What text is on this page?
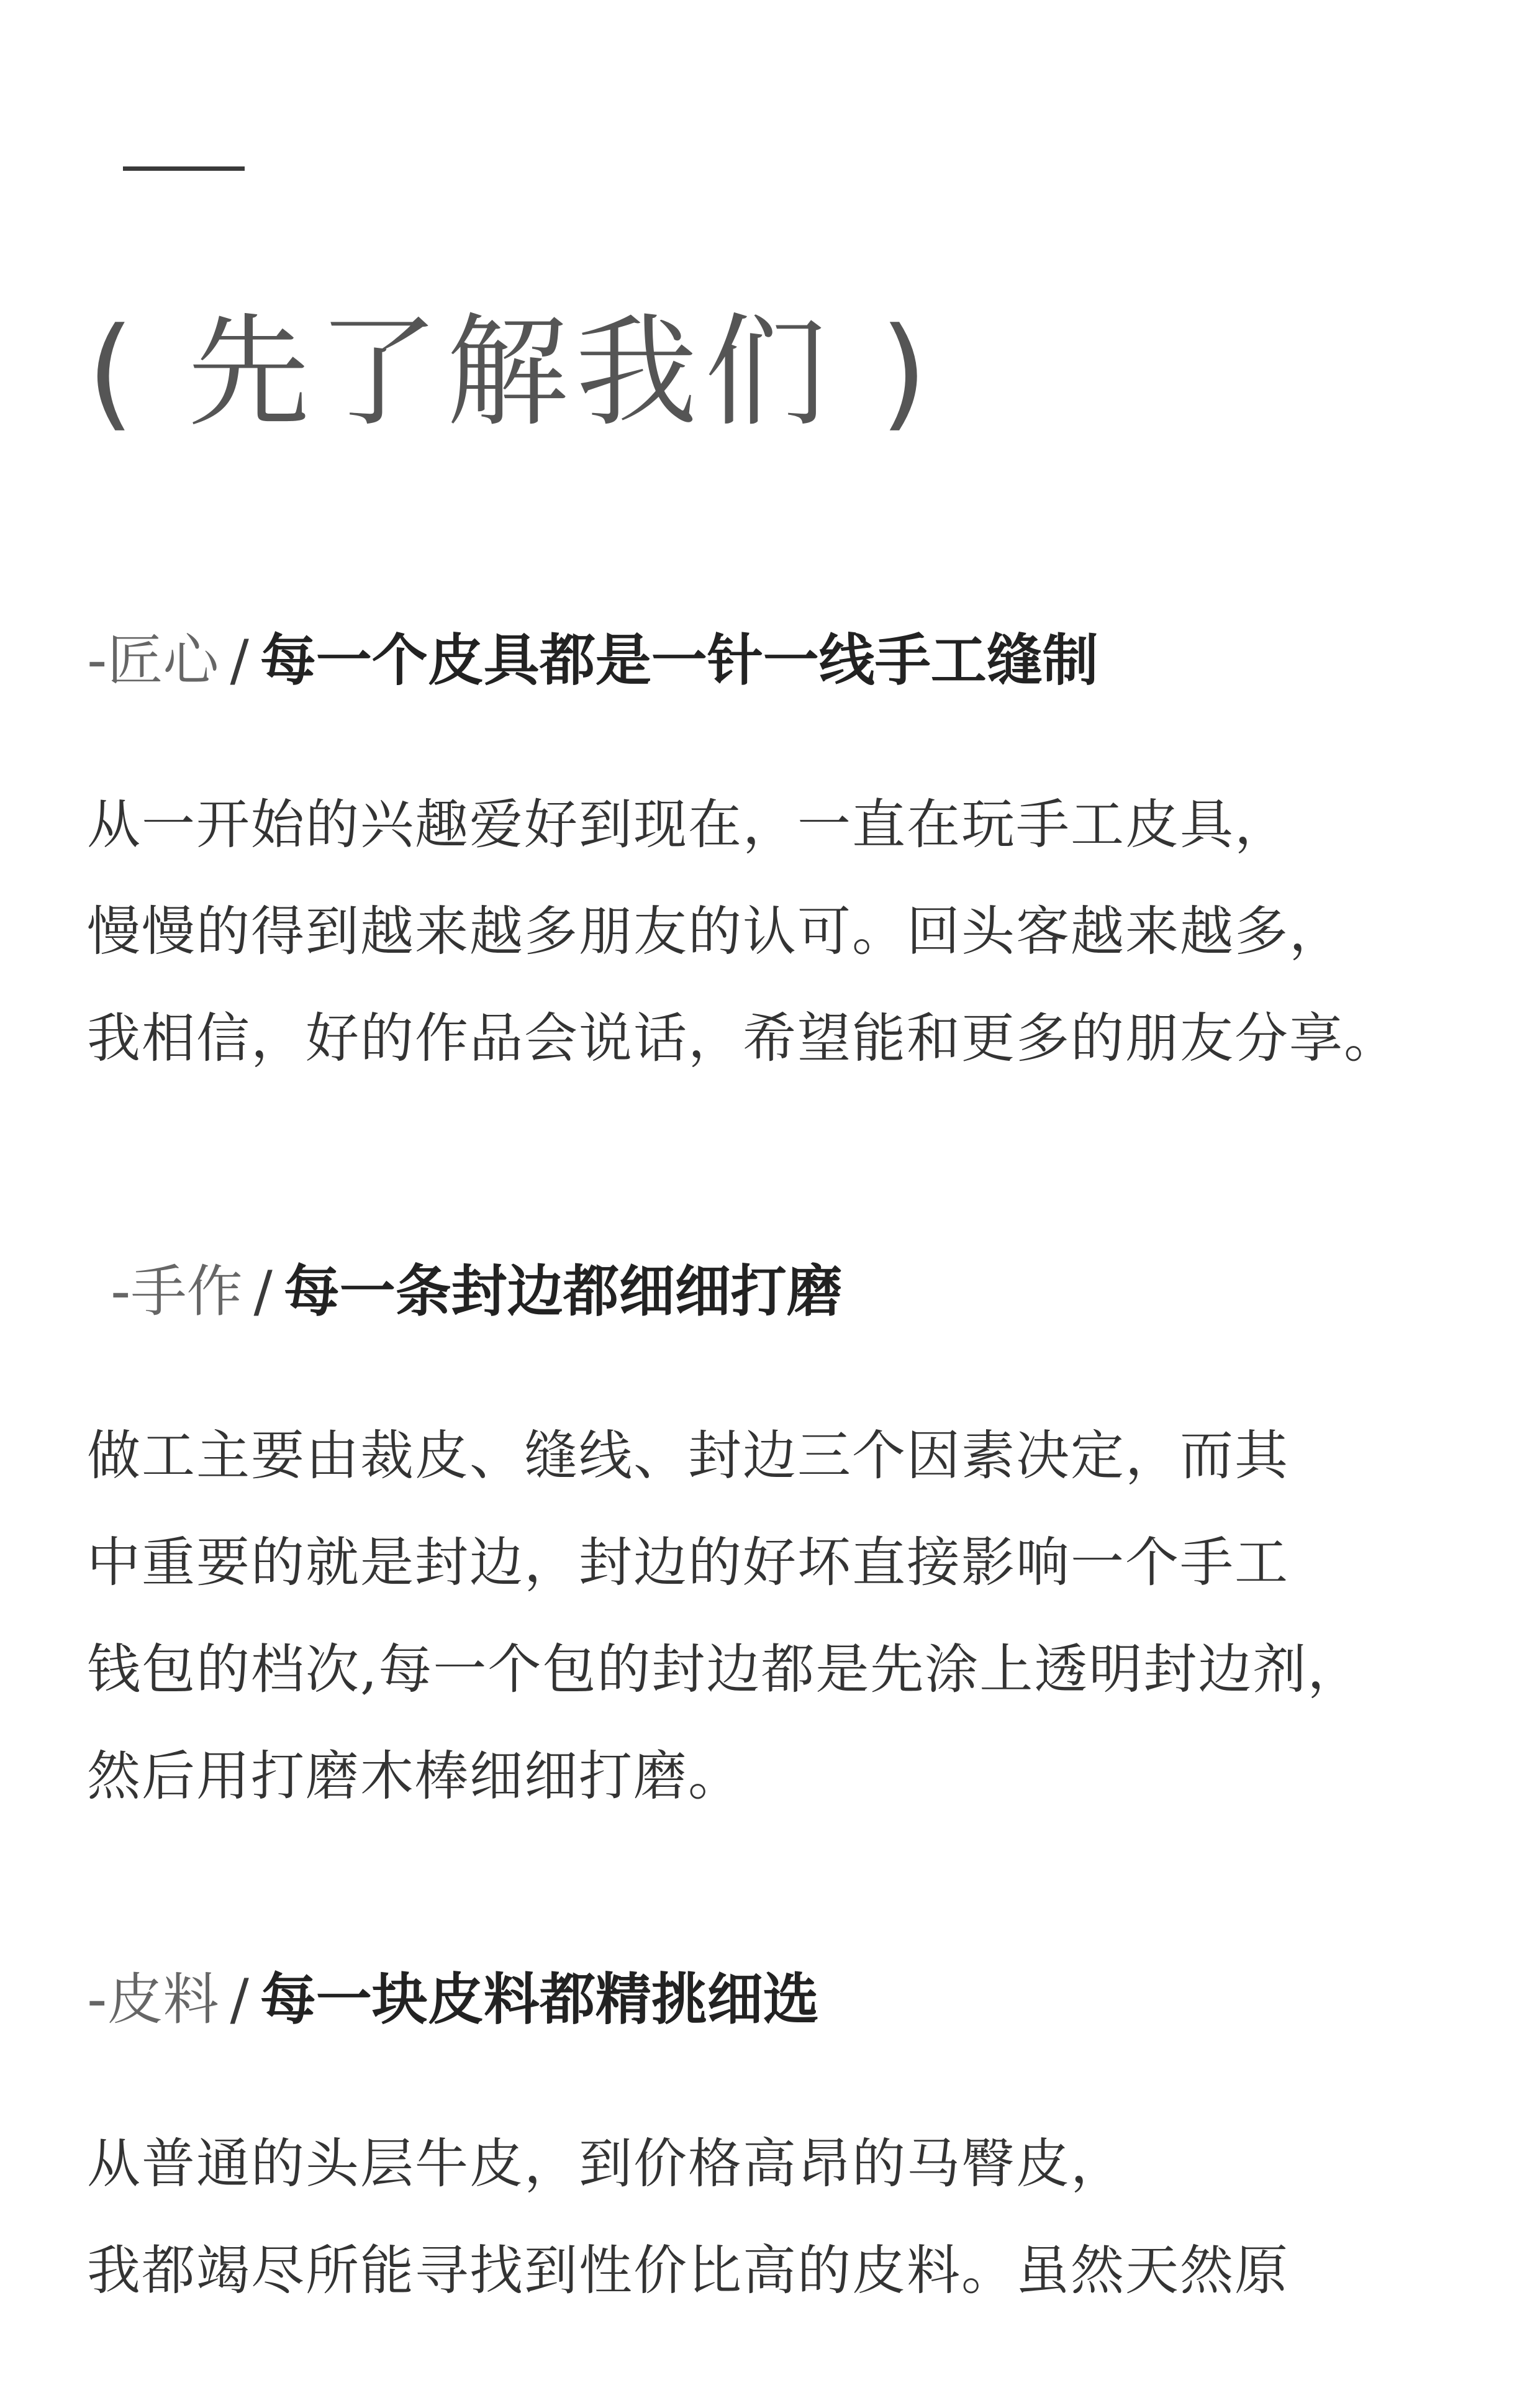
( 先了解我们 )
-匠心 / 每一个皮具都是一针一线手工缝制
从一开始的兴趣爱好到现在，一直在玩手工皮具，
慢慢的得到越来越多朋友的认可。回头客越来越多，
我相信，好的作品会说话，希望能和更多的朋友分享。
-手作 / 每一条封边都细细打磨
做工主要由裁皮、缝线、封边三个因素决定，而其
中重要的就是封边，封边的好坏直接影响一个手工
钱包的档次,每一个包的封边都是先涂上透明封边剂，
然后用打磨木棒细细打磨。
-皮料 / 每一块皮料都精挑细选
从普通的头层牛皮，到价格高昂的马臀皮，
我都竭尽所能寻找到性价比高的皮料。虽然天然原
